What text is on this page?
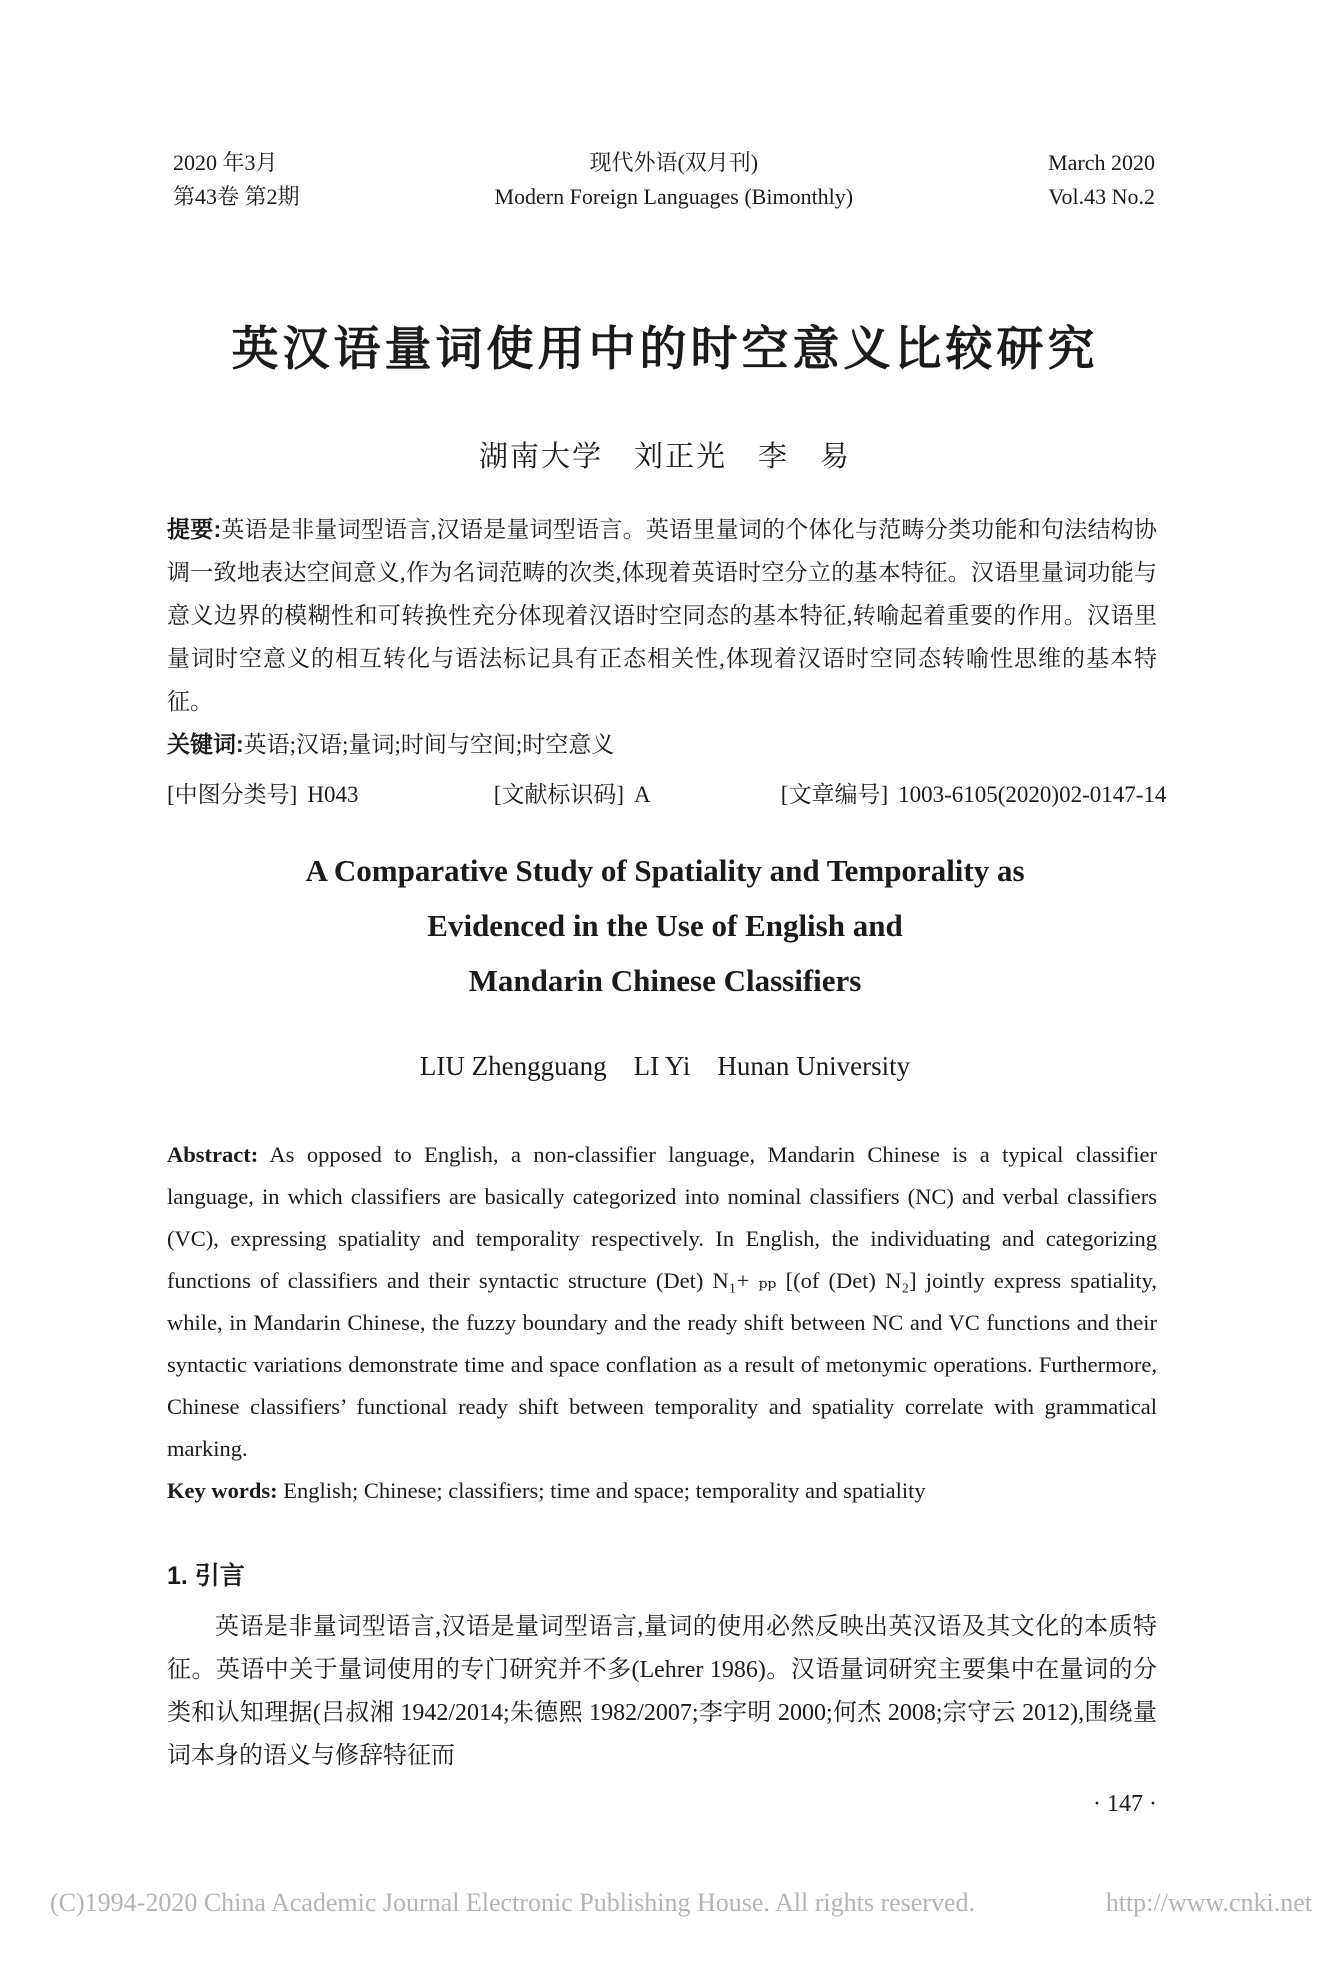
2020 年3月
第43卷 第2期
现代外语(双月刊)
Modern Foreign Languages (Bimonthly)
March 2020
Vol.43 No.2
英汉语量词使用中的时空意义比较研究
湖南大学 刘正光 李 易

提要:英语是非量词型语言,汉语是量词型语言。英语里量词的个体化与范畴分类功能和句法结构协调一致地表达空间意义,作为名词范畴的次类,体现着英语时空分立的基本特征。汉语里量词功能与意义边界的模糊性和可转换性充分体现着汉语时空同态的基本特征,转喻起着重要的作用。汉语里量词时空意义的相互转化与语法标记具有正态相关性,体现着汉语时空同态转喻性思维的基本特征。

关键词:英语;汉语;量词;时间与空间;时空意义

[中图分类号] H043	[文献标识码] A	[文章编号] 1003-6105(2020)02-0147-14
A Comparative Study of Spatiality and Temporality as
Evidenced in the Use of English and
Mandarin Chinese Classifiers
LIU Zhengguang LI Yi Hunan University

Abstract: As opposed to English, a non-classifier language, Mandarin Chinese is a typical classifier language, in which classifiers are basically categorized into nominal classifiers (NC) and verbal classifiers (VC), expressing spatiality and temporality respectively. In English, the individuating and categorizing functions of classifiers and their syntactic structure (Det) N₁+ ₚₚ [(of (Det) N₂] jointly express spatiality, while, in Mandarin Chinese, the fuzzy boundary and the ready shift between NC and VC functions and their syntactic variations demonstrate time and space conflation as a result of metonymic operations. Furthermore, Chinese classifiers’ functional ready shift between temporality and spatiality correlate with grammatical marking.

Key words: English; Chinese; classifiers; time and space; temporality and spatiality

1. 引言

英语是非量词型语言,汉语是量词型语言,量词的使用必然反映出英汉语及其文化的本质特征。英语中关于量词使用的专门研究并不多(Lehrer 1986)。汉语量词研究主要集中在量词的分类和认知理据(吕叔湘 1942/2014;朱德熙 1982/2007;李宇明 2000;何杰 2008;宗守云 2012),围绕量词本身的语义与修辞特征而

· 147 ·
(C)1994-2020 China Academic Journal Electronic Publishing House. All rights reserved.	http://www.cnki.net
